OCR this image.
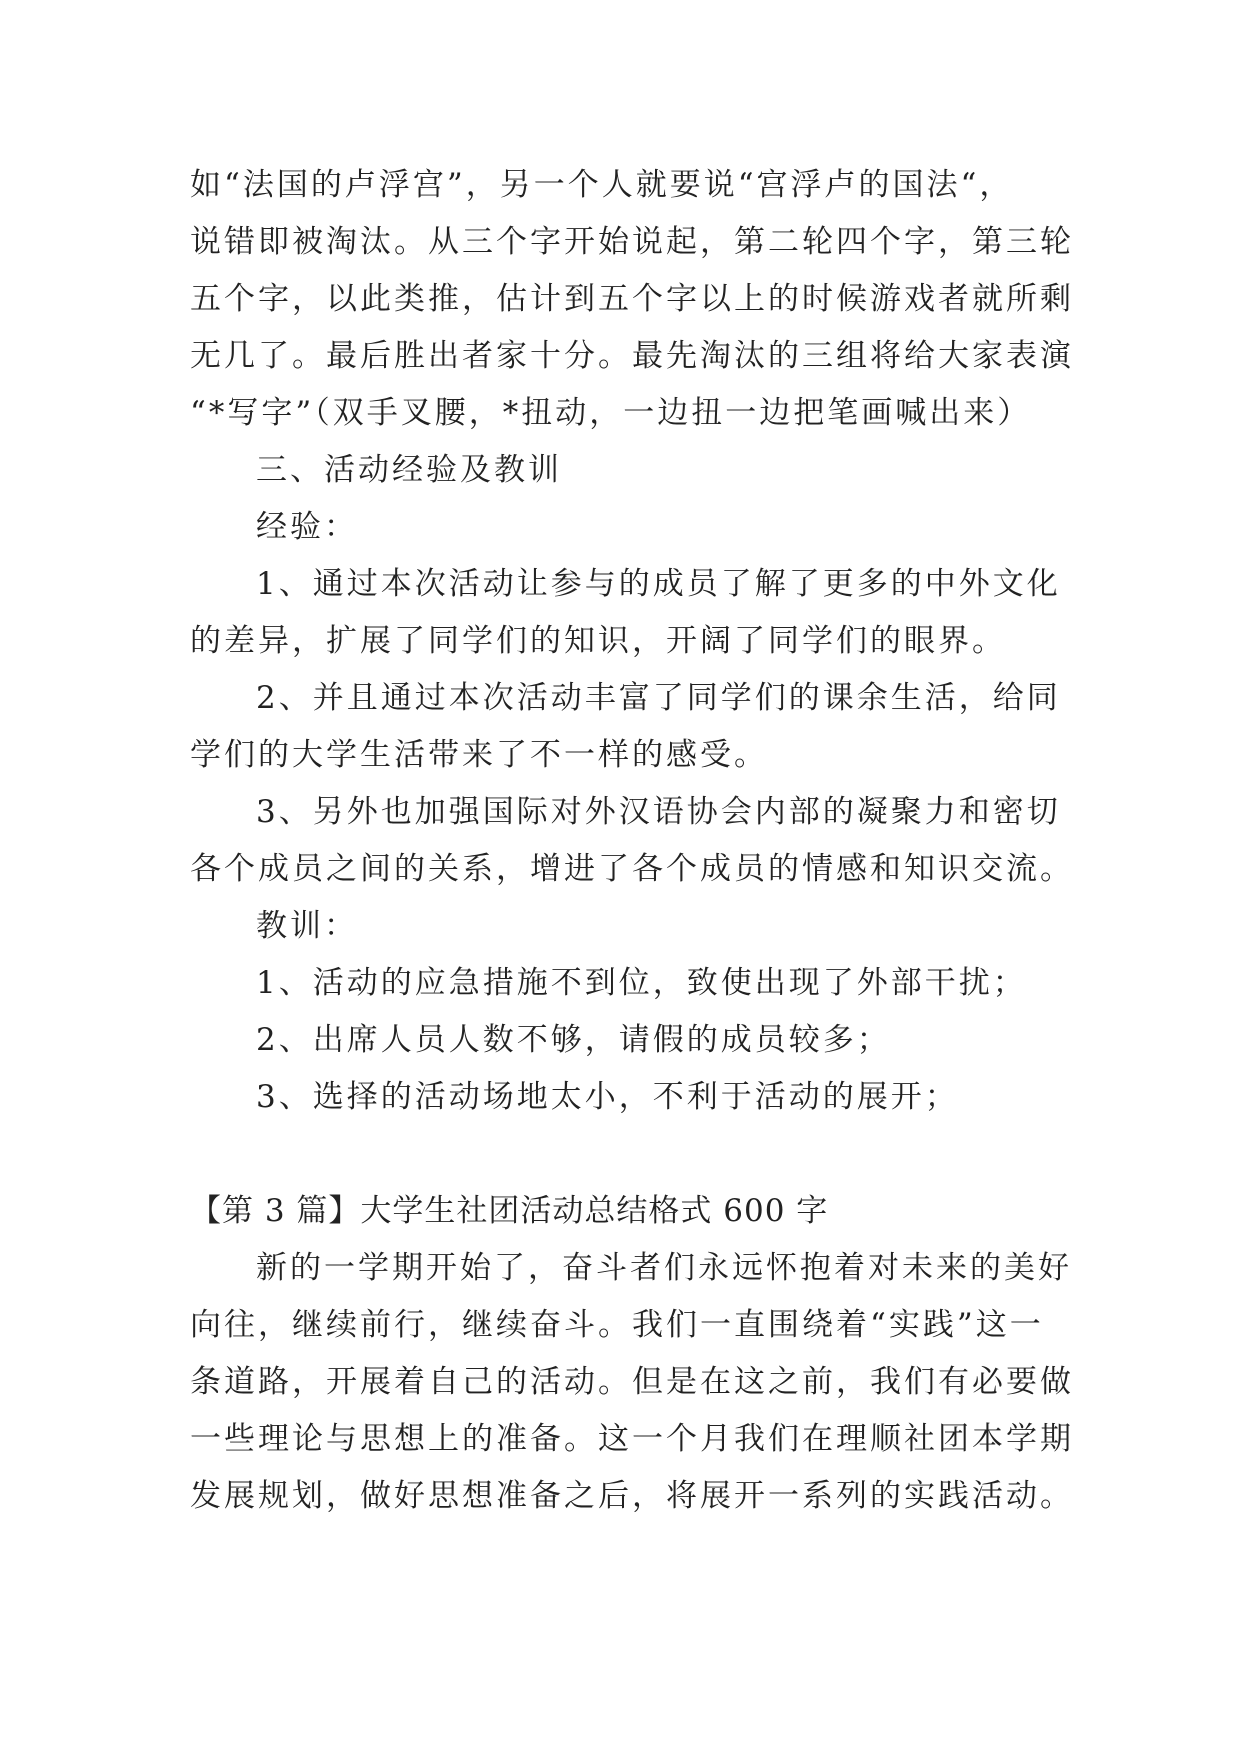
如“法国的卢浮宫”，另一个人就要说“宫浮卢的国法“，
说错即被淘汰。从三个字开始说起，第二轮四个字，第三轮
五个字，以此类推，估计到五个字以上的时候游戏者就所剩
无几了。最后胜出者家十分。最先淘汰的三组将给大家表演
“*写字”（双手叉腰，*扭动，一边扭一边把笔画喊出来）
三、活动经验及教训
经验：
1、通过本次活动让参与的成员了解了更多的中外文化
的差异，扩展了同学们的知识，开阔了同学们的眼界。
2、并且通过本次活动丰富了同学们的课余生活，给同
学们的大学生活带来了不一样的感受。
3、另外也加强国际对外汉语协会内部的凝聚力和密切
各个成员之间的关系，增进了各个成员的情感和知识交流。
教训：
1、活动的应急措施不到位，致使出现了外部干扰；
2、出席人员人数不够，请假的成员较多；
3、选择的活动场地太小，不利于活动的展开；
【第 3 篇】大学生社团活动总结格式 600 字
新的一学期开始了，奋斗者们永远怀抱着对未来的美好
向往，继续前行，继续奋斗。我们一直围绕着“实践”这一
条道路，开展着自己的活动。但是在这之前，我们有必要做
一些理论与思想上的准备。这一个月我们在理顺社团本学期
发展规划，做好思想准备之后，将展开一系列的实践活动。
